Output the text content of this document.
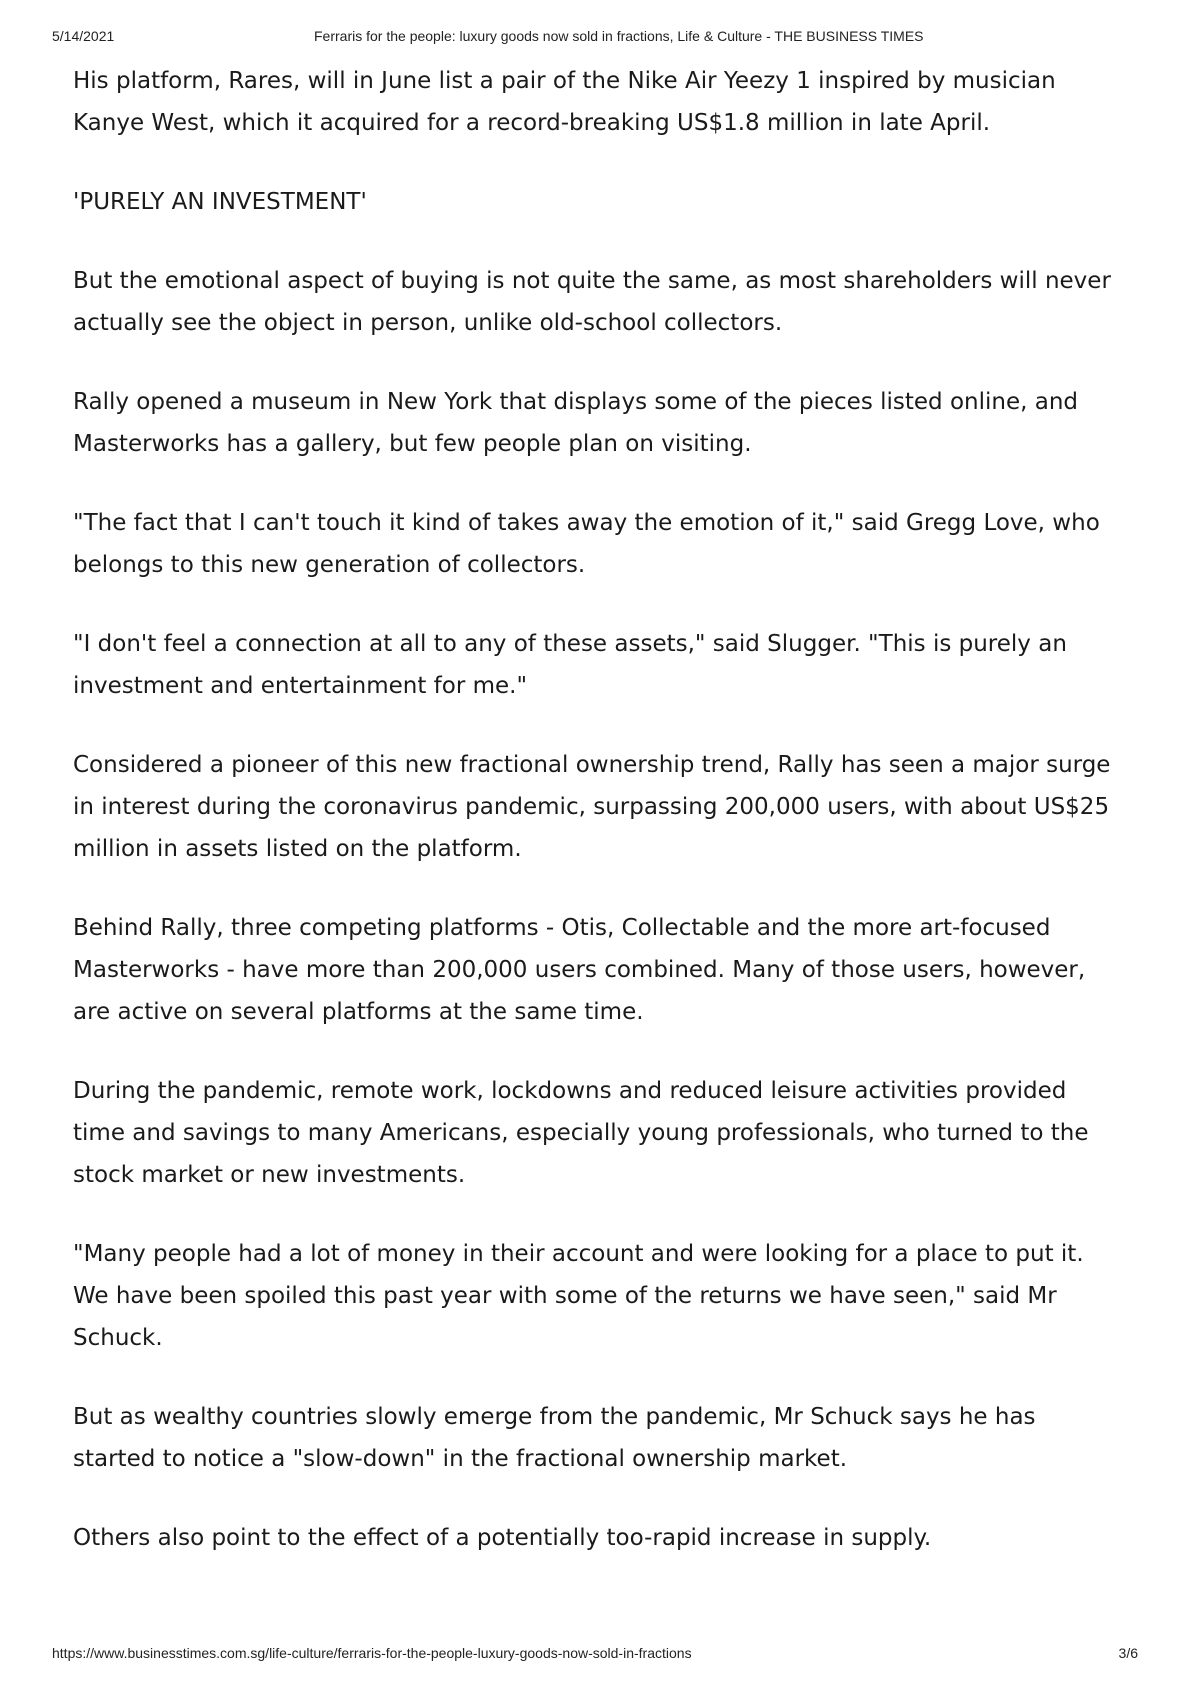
5/14/2021	Ferraris for the people: luxury goods now sold in fractions, Life & Culture - THE BUSINESS TIMES

His platform, Rares, will in June list a pair of the Nike Air Yeezy 1 inspired by musician Kanye West, which it acquired for a record-breaking US$1.8 million in late April.

'PURELY AN INVESTMENT'

But the emotional aspect of buying is not quite the same, as most shareholders will never actually see the object in person, unlike old-school collectors.

Rally opened a museum in New York that displays some of the pieces listed online, and Masterworks has a gallery, but few people plan on visiting.

"The fact that I can't touch it kind of takes away the emotion of it," said Gregg Love, who belongs to this new generation of collectors.

"I don't feel a connection at all to any of these assets," said Slugger. "This is purely an investment and entertainment for me."

Considered a pioneer of this new fractional ownership trend, Rally has seen a major surge in interest during the coronavirus pandemic, surpassing 200,000 users, with about US$25 million in assets listed on the platform.

Behind Rally, three competing platforms - Otis, Collectable and the more art-focused Masterworks - have more than 200,000 users combined. Many of those users, however, are active on several platforms at the same time.

During the pandemic, remote work, lockdowns and reduced leisure activities provided time and savings to many Americans, especially young professionals, who turned to the stock market or new investments.

"Many people had a lot of money in their account and were looking for a place to put it. We have been spoiled this past year with some of the returns we have seen," said Mr Schuck.

But as wealthy countries slowly emerge from the pandemic, Mr Schuck says he has started to notice a "slow-down" in the fractional ownership market.

Others also point to the effect of a potentially too-rapid increase in supply.

https://www.businesstimes.com.sg/life-culture/ferraris-for-the-people-luxury-goods-now-sold-in-fractions	3/6
